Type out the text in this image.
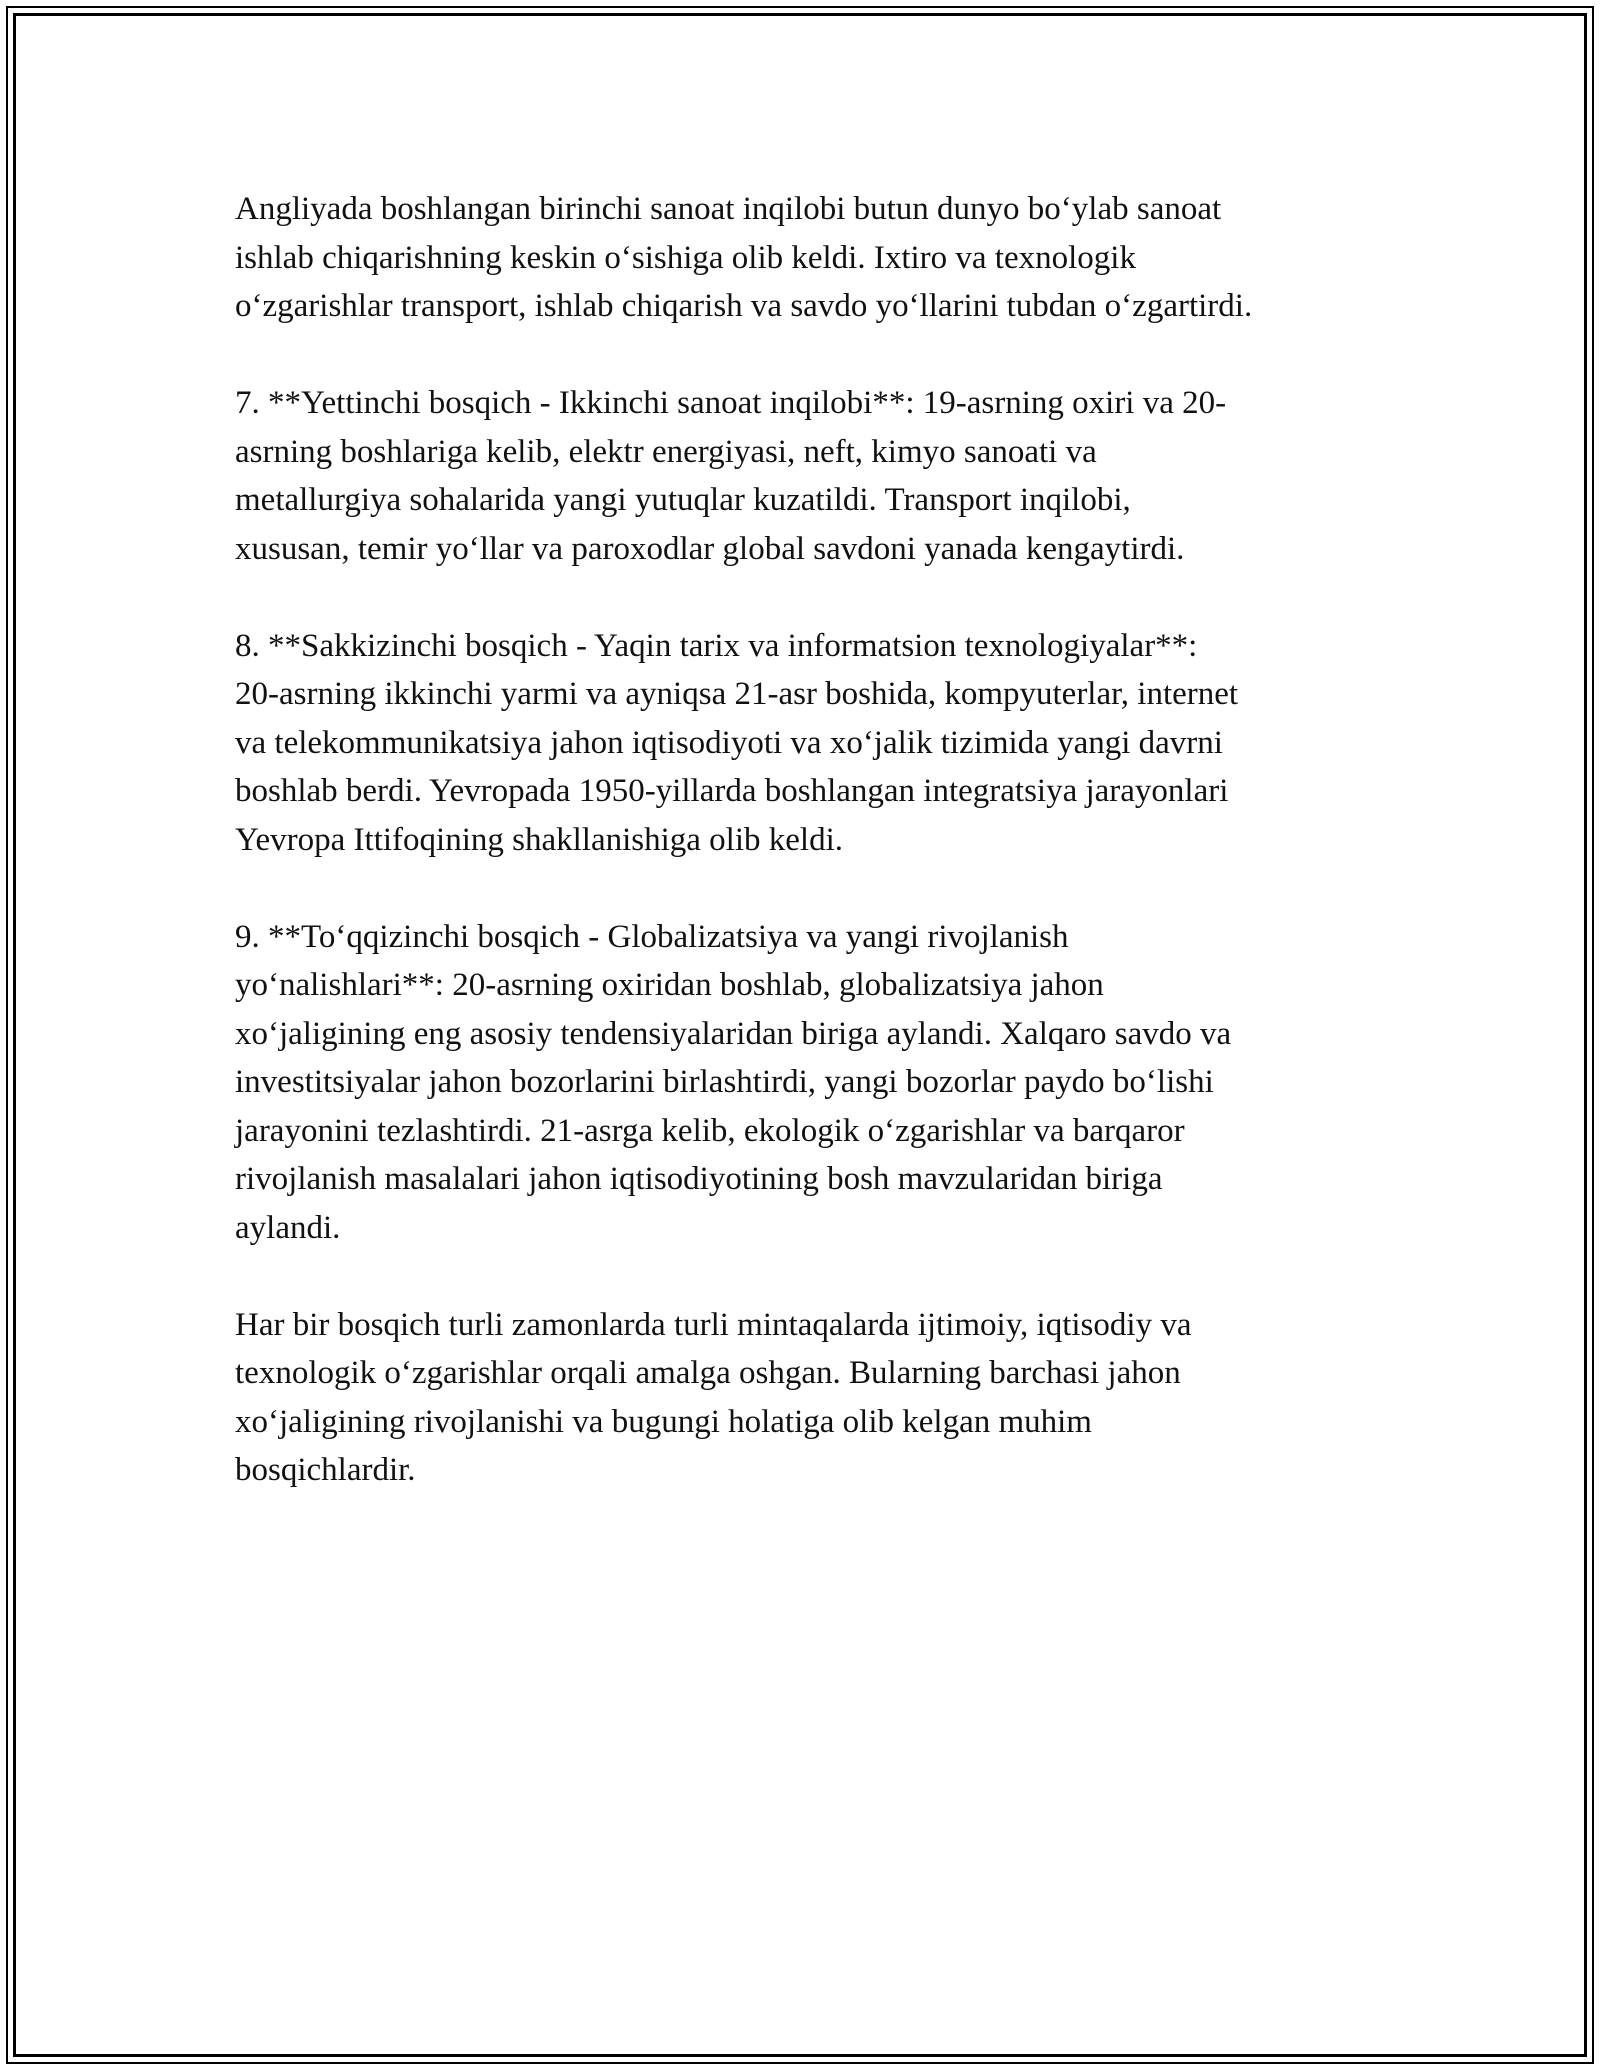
Angliyada boshlangan birinchi sanoat inqilobi butun dunyo bo‘ylab sanoat
ishlab chiqarishning keskin o‘sishiga olib keldi. Ixtiro va texnologik
o‘zgarishlar transport, ishlab chiqarish va savdo yo‘llarini tubdan o‘zgartirdi.

7. **Yettinchi bosqich - Ikkinchi sanoat inqilobi**: 19-asrning oxiri va 20-
asrning boshlariga kelib, elektr energiyasi, neft, kimyo sanoati va
metallurgiya sohalarida yangi yutuqlar kuzatildi. Transport inqilobi,
xususan, temir yo‘llar va paroxodlar global savdoni yanada kengaytirdi.

8. **Sakkizinchi bosqich - Yaqin tarix va informatsion texnologiyalar**:
20-asrning ikkinchi yarmi va ayniqsa 21-asr boshida, kompyuterlar, internet
va telekommunikatsiya jahon iqtisodiyoti va xo‘jalik tizimida yangi davrni
boshlab berdi. Yevropada 1950-yillarda boshlangan integratsiya jarayonlari
Yevropa Ittifoqining shakllanishiga olib keldi.

9. **To‘qqizinchi bosqich - Globalizatsiya va yangi rivojlanish
yo‘nalishlari**: 20-asrning oxiridan boshlab, globalizatsiya jahon
xo‘jaligining eng asosiy tendensiyalaridan biriga aylandi. Xalqaro savdo va
investitsiyalar jahon bozorlarini birlashtirdi, yangi bozorlar paydo bo‘lishi
jarayonini tezlashtirdi. 21-asrga kelib, ekologik o‘zgarishlar va barqaror
rivojlanish masalalari jahon iqtisodiyotining bosh mavzularidan biriga
aylandi.

Har bir bosqich turli zamonlarda turli mintaqalarda ijtimoiy, iqtisodiy va
texnologik o‘zgarishlar orqali amalga oshgan. Bularning barchasi jahon
xo‘jaligining rivojlanishi va bugungi holatiga olib kelgan muhim
bosqichlardir.
